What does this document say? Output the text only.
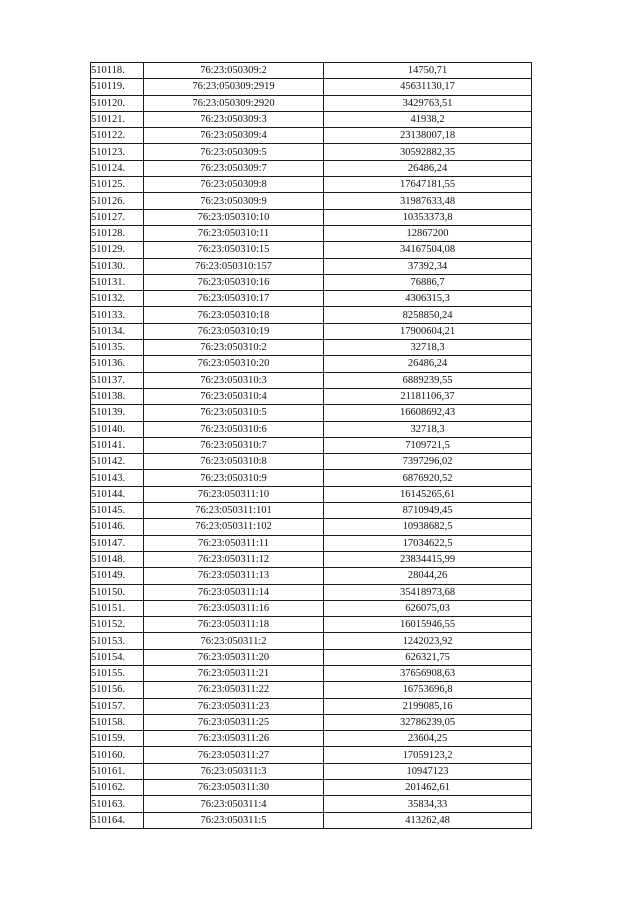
510118.	76:23:050309:2	14750,71
510119.	76:23:050309:2919	45631130,17
510120.	76:23:050309:2920	3429763,51
510121.	76:23:050309:3	41938,2
510122.	76:23:050309:4	23138007,18
510123.	76:23:050309:5	30592882,35
510124.	76:23:050309:7	26486,24
510125.	76:23:050309:8	17647181,55
510126.	76:23:050309:9	31987633,48
510127.	76:23:050310:10	10353373,8
510128.	76:23:050310:11	12867200
510129.	76:23:050310:15	34167504,08
510130.	76:23:050310:157	37392,34
510131.	76:23:050310:16	76886,7
510132.	76:23:050310:17	4306315,3
510133.	76:23:050310:18	8258850,24
510134.	76:23:050310:19	17900604,21
510135.	76:23:050310:2	32718,3
510136.	76:23:050310:20	26486,24
510137.	76:23:050310:3	6889239,55
510138.	76:23:050310:4	21181106,37
510139.	76:23:050310:5	16608692,43
510140.	76:23:050310:6	32718,3
510141.	76:23:050310:7	7109721,5
510142.	76:23:050310:8	7397296,02
510143.	76:23:050310:9	6876920,52
510144.	76:23:050311:10	16145265,61
510145.	76:23:050311:101	8710949,45
510146.	76:23:050311:102	10938682,5
510147.	76:23:050311:11	17034622,5
510148.	76:23:050311:12	23834415,99
510149.	76:23:050311:13	28044,26
510150.	76:23:050311:14	35418973,68
510151.	76:23:050311:16	626075,03
510152.	76:23:050311:18	16015946,55
510153.	76:23:050311:2	1242023,92
510154.	76:23:050311:20	626321,75
510155.	76:23:050311:21	37656908,63
510156.	76:23:050311:22	16753696,8
510157.	76:23:050311:23	2199085,16
510158.	76:23:050311:25	32786239,05
510159.	76:23:050311:26	23604,25
510160.	76:23:050311:27	17059123,2
510161.	76:23:050311:3	10947123
510162.	76:23:050311:30	201462,61
510163.	76:23:050311:4	35834,33
510164.	76:23:050311:5	413262,48
